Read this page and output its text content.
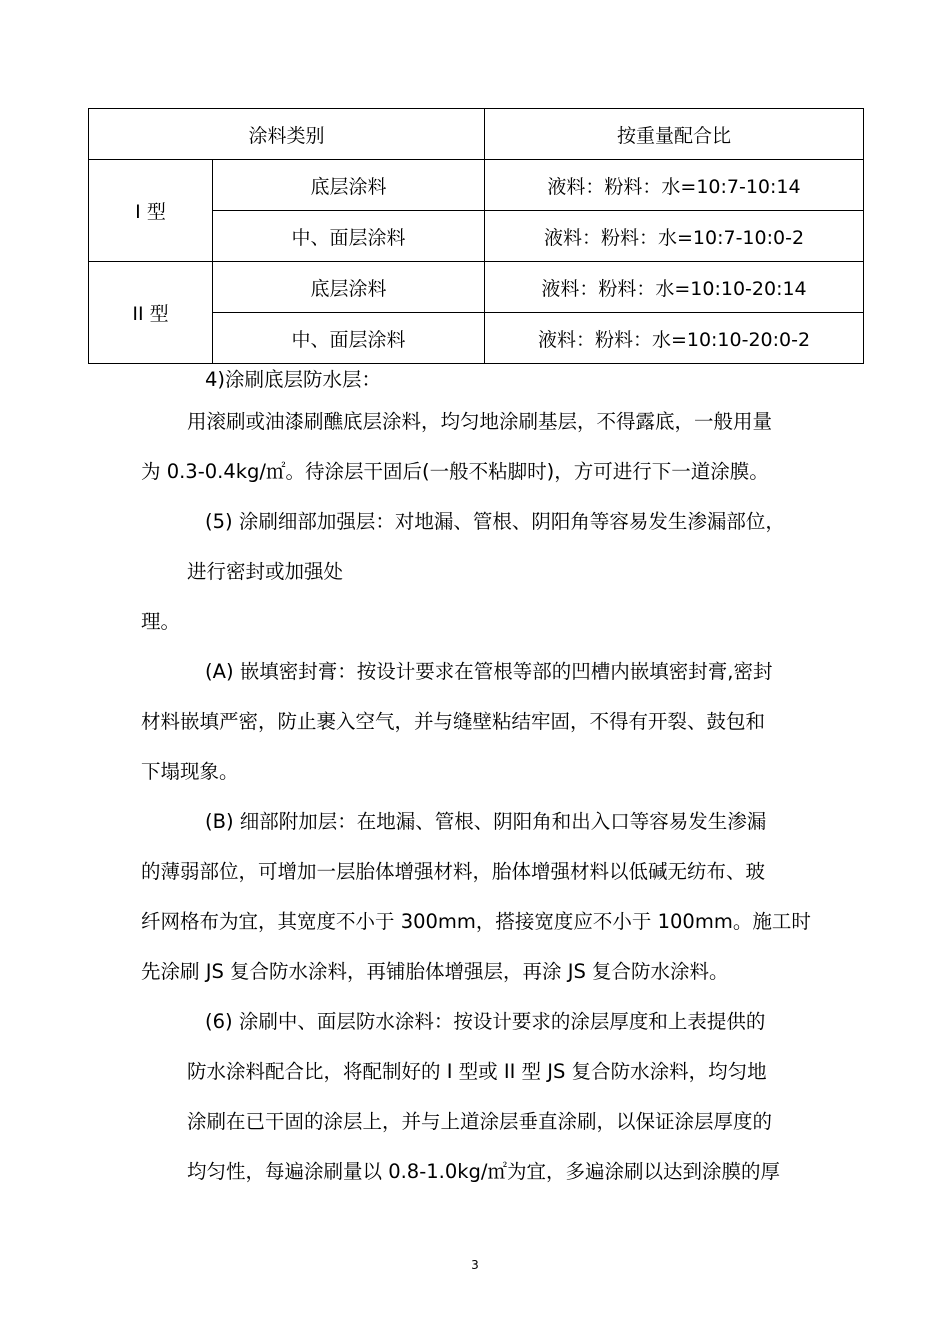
涂料类别		按重量配合比
I 型	底层涂料	液料：粉料：水=10:7-10:14
	中、面层涂料	液料：粉料：水=10:7-10:0-2
II 型	底层涂料	液料：粉料：水=10:10-20:14
	中、面层涂料	液料：粉料：水=10:10-20:0-2
4)涂刷底层防水层：
用滚刷或油漆刷醮底层涂料，均匀地涂刷基层，不得露底，一般用量
为 0.3-0.4kg/㎡。待涂层干固后(一般不粘脚时)，方可进行下一道涂膜。
(5) 涂刷细部加强层：对地漏、管根、阴阳角等容易发生渗漏部位，
进行密封或加强处
理。
(A) 嵌填密封膏：按设计要求在管根等部的凹槽内嵌填密封膏,密封
材料嵌填严密，防止裹入空气，并与缝壁粘结牢固，不得有开裂、鼓包和
下塌现象。
(B) 细部附加层：在地漏、管根、阴阳角和出入口等容易发生渗漏
的薄弱部位，可增加一层胎体增强材料，胎体增强材料以低碱无纺布、玻
纤网格布为宜，其宽度不小于 300mm，搭接宽度应不小于 100mm。施工时
先涂刷 JS 复合防水涂料，再铺胎体增强层，再涂 JS 复合防水涂料。
(6) 涂刷中、面层防水涂料：按设计要求的涂层厚度和上表提供的
防水涂料配合比，将配制好的 I 型或 II 型 JS 复合防水涂料，均匀地
涂刷在已干固的涂层上，并与上道涂层垂直涂刷，以保证涂层厚度的
均匀性，每遍涂刷量以 0.8-1.0kg/㎡为宜，多遍涂刷以达到涂膜的厚
3
